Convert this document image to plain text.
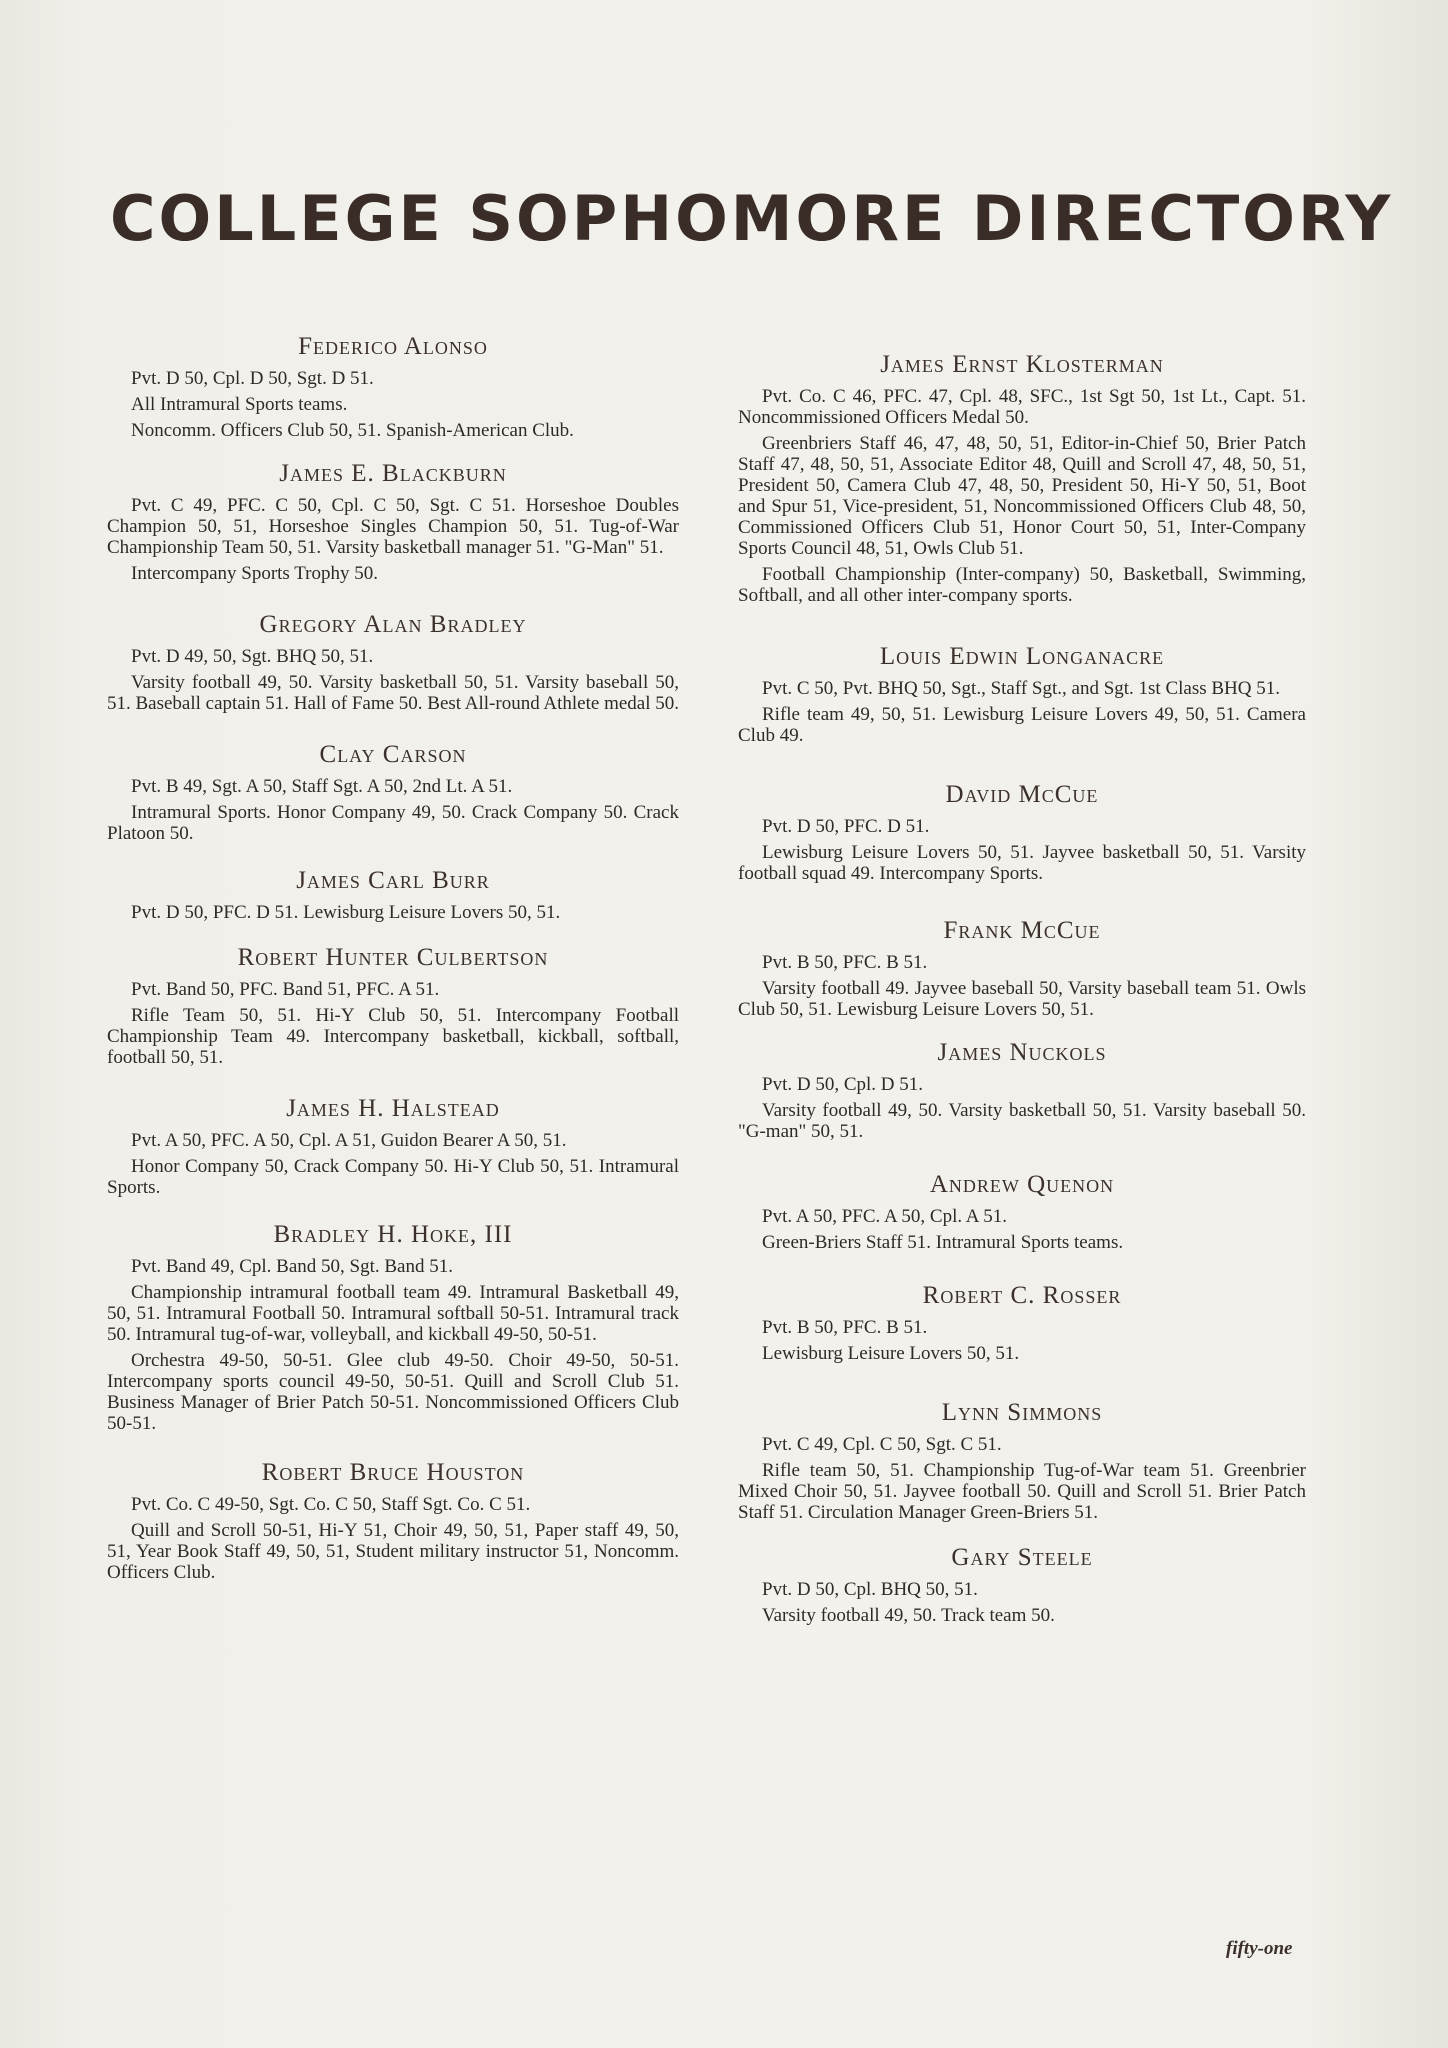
COLLEGE SOPHOMORE DIRECTORY
Federico Alonso

Pvt. D 50, Cpl. D 50, Sgt. D 51.

All Intramural Sports teams.

Noncomm. Officers Club 50, 51. Spanish-American Club.

James E. Blackburn

Pvt. C 49, PFC. C 50, Cpl. C 50, Sgt. C 51. Horseshoe Doubles Champion 50, 51, Horseshoe Singles Champion 50, 51. Tug-of-War Championship Team 50, 51. Varsity basketball manager 51. "G-Man" 51.

Intercompany Sports Trophy 50.

Gregory Alan Bradley

Pvt. D 49, 50, Sgt. BHQ 50, 51.

Varsity football 49, 50. Varsity basketball 50, 51. Varsity baseball 50, 51. Baseball captain 51. Hall of Fame 50. Best All-round Athlete medal 50.

Clay Carson

Pvt. B 49, Sgt. A 50, Staff Sgt. A 50, 2nd Lt. A 51.

Intramural Sports. Honor Company 49, 50. Crack Company 50. Crack Platoon 50.

James Carl Burr

Pvt. D 50, PFC. D 51. Lewisburg Leisure Lovers 50, 51.

Robert Hunter Culbertson

Pvt. Band 50, PFC. Band 51, PFC. A 51.

Rifle Team 50, 51. Hi-Y Club 50, 51. Intercompany Football Championship Team 49. Intercompany basketball, kickball, softball, football 50, 51.

James H. Halstead

Pvt. A 50, PFC. A 50, Cpl. A 51, Guidon Bearer A 50, 51.

Honor Company 50, Crack Company 50. Hi-Y Club 50, 51. Intramural Sports.

Bradley H. Hoke, III

Pvt. Band 49, Cpl. Band 50, Sgt. Band 51.

Championship intramural football team 49. Intramural Basketball 49, 50, 51. Intramural Football 50. Intramural softball 50-51. Intramural track 50. Intramural tug-of-war, volleyball, and kickball 49-50, 50-51.

Orchestra 49-50, 50-51. Glee club 49-50. Choir 49-50, 50-51. Intercompany sports council 49-50, 50-51. Quill and Scroll Club 51. Business Manager of Brier Patch 50-51. Noncommissioned Officers Club 50-51.

Robert Bruce Houston

Pvt. Co. C 49-50, Sgt. Co. C 50, Staff Sgt. Co. C 51.

Quill and Scroll 50-51, Hi-Y 51, Choir 49, 50, 51, Paper staff 49, 50, 51, Year Book Staff 49, 50, 51, Student military instructor 51, Noncomm. Officers Club.

James Ernst Klosterman

Pvt. Co. C 46, PFC. 47, Cpl. 48, SFC., 1st Sgt 50, 1st Lt., Capt. 51. Noncommissioned Officers Medal 50.

Greenbriers Staff 46, 47, 48, 50, 51, Editor-in-Chief 50, Brier Patch Staff 47, 48, 50, 51, Associate Editor 48, Quill and Scroll 47, 48, 50, 51, President 50, Camera Club 47, 48, 50, President 50, Hi-Y 50, 51, Boot and Spur 51, Vice-president, 51, Noncommissioned Officers Club 48, 50, Commissioned Officers Club 51, Honor Court 50, 51, Inter-Company Sports Council 48, 51, Owls Club 51.

Football Championship (Inter-company) 50, Basketball, Swimming, Softball, and all other inter-company sports.

Louis Edwin Longanacre

Pvt. C 50, Pvt. BHQ 50, Sgt., Staff Sgt., and Sgt. 1st Class BHQ 51.

Rifle team 49, 50, 51. Lewisburg Leisure Lovers 49, 50, 51. Camera Club 49.

David McCue

Pvt. D 50, PFC. D 51.

Lewisburg Leisure Lovers 50, 51. Jayvee basketball 50, 51. Varsity football squad 49. Intercompany Sports.

Frank McCue

Pvt. B 50, PFC. B 51.

Varsity football 49. Jayvee baseball 50, Varsity baseball team 51. Owls Club 50, 51. Lewisburg Leisure Lovers 50, 51.

James Nuckols

Pvt. D 50, Cpl. D 51.

Varsity football 49, 50. Varsity basketball 50, 51. Varsity baseball 50. "G-man" 50, 51.

Andrew Quenon

Pvt. A 50, PFC. A 50, Cpl. A 51.

Green-Briers Staff 51. Intramural Sports teams.

Robert C. Rosser

Pvt. B 50, PFC. B 51.

Lewisburg Leisure Lovers 50, 51.

Lynn Simmons

Pvt. C 49, Cpl. C 50, Sgt. C 51.

Rifle team 50, 51. Championship Tug-of-War team 51. Greenbrier Mixed Choir 50, 51. Jayvee football 50. Quill and Scroll 51. Brier Patch Staff 51. Circulation Manager Green-Briers 51.

Gary Steele

Pvt. D 50, Cpl. BHQ 50, 51.

Varsity football 49, 50. Track team 50.

fifty-one
